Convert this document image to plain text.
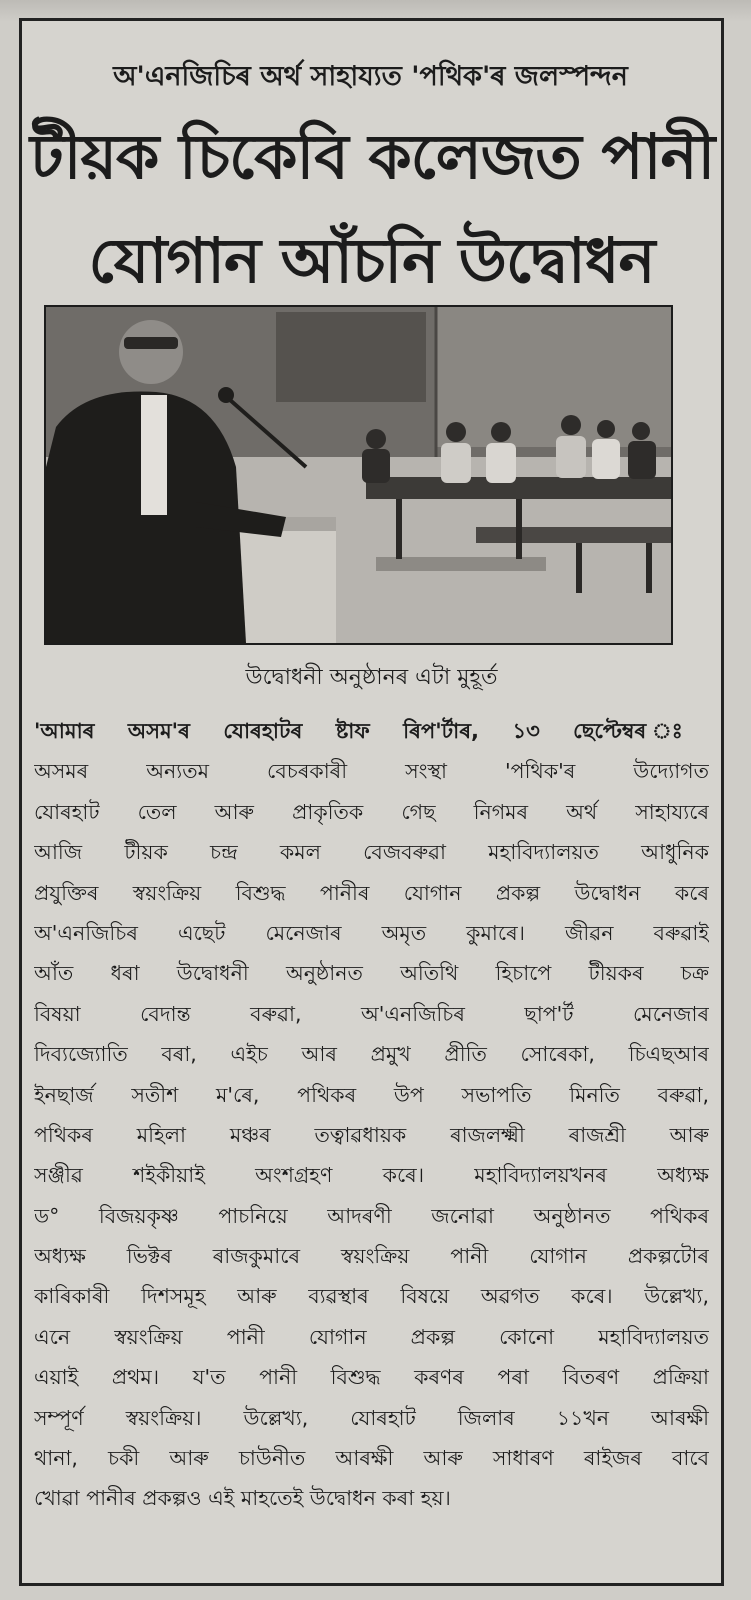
অ'এনজিচিৰ অৰ্থ সাহায্যত 'পথিক'ৰ জলস্পন্দন
টীয়ক চিকেবি কলেজত পানী
যোগান আঁচনি উদ্বোধন
উদ্বোধনী অনুষ্ঠানৰ এটা মুহূৰ্ত
'আমাৰ অসম'ৰ যোৰহাটৰ ষ্টাফ ৰিপ'ৰ্টাৰ, ১৩ ছেপ্টেম্বৰ ঃ
অসমৰ অন্যতম বেচৰকাৰী সংস্থা 'পথিক'ৰ উদ্যোগত
যোৰহাট তেল আৰু প্ৰাকৃতিক গেছ নিগমৰ অৰ্থ সাহায্যৰে
আজি টীয়ক চন্দ্ৰ কমল বেজবৰুৱা মহাবিদ্যালয়ত আধুনিক
প্ৰযুক্তিৰ স্বয়ংক্ৰিয় বিশুদ্ধ পানীৰ যোগান প্ৰকল্প উদ্বোধন কৰে
অ'এনজিচিৰ এছেট মেনেজাৰ অমৃত কুমাৰে। জীৱন বৰুৱাই
আঁত ধৰা উদ্বোধনী অনুষ্ঠানত অতিথি হিচাপে টীয়কৰ চক্ৰ
বিষয়া বেদান্ত বৰুৱা, অ'এনজিচিৰ ছাপ'ৰ্ট মেনেজাৰ
দিব্যজ্যোতি বৰা, এইচ আৰ প্ৰমুখ প্ৰীতি সোৰেকা, চিএছআৰ
ইনছাৰ্জ সতীশ ম'ৰে, পথিকৰ উপ সভাপতি মিনতি বৰুৱা,
পথিকৰ মহিলা মঞ্চৰ তত্বাৱধায়ক ৰাজলক্ষ্মী ৰাজশ্ৰী আৰু
সঞ্জীৱ শইকীয়াই অংশগ্ৰহণ কৰে। মহাবিদ্যালয়খনৰ অধ্যক্ষ
ড° বিজয়কৃষ্ণ পাচনিয়ে আদৰণী জনোৱা অনুষ্ঠানত পথিকৰ
অধ্যক্ষ ভিক্টৰ ৰাজকুমাৰে স্বয়ংক্ৰিয় পানী যোগান প্ৰকল্পটোৰ
কাৰিকাৰী দিশসমূহ আৰু ব্যৱস্থাৰ বিষয়ে অৱগত কৰে। উল্লেখ্য,
এনে স্বয়ংক্ৰিয় পানী যোগান প্ৰকল্প কোনো মহাবিদ্যালয়ত
এয়াই প্ৰথম। য'ত পানী বিশুদ্ধ কৰণৰ পৰা বিতৰণ প্ৰক্ৰিয়া
সম্পূৰ্ণ স্বয়ংক্ৰিয়। উল্লেখ্য, যোৰহাট জিলাৰ ১১খন আৰক্ষী
থানা, চকী আৰু চাউনীত আৰক্ষী আৰু সাধাৰণ ৰাইজৰ বাবে
খোৱা পানীৰ প্ৰকল্পও এই মাহতেই উদ্বোধন কৰা হয়।
